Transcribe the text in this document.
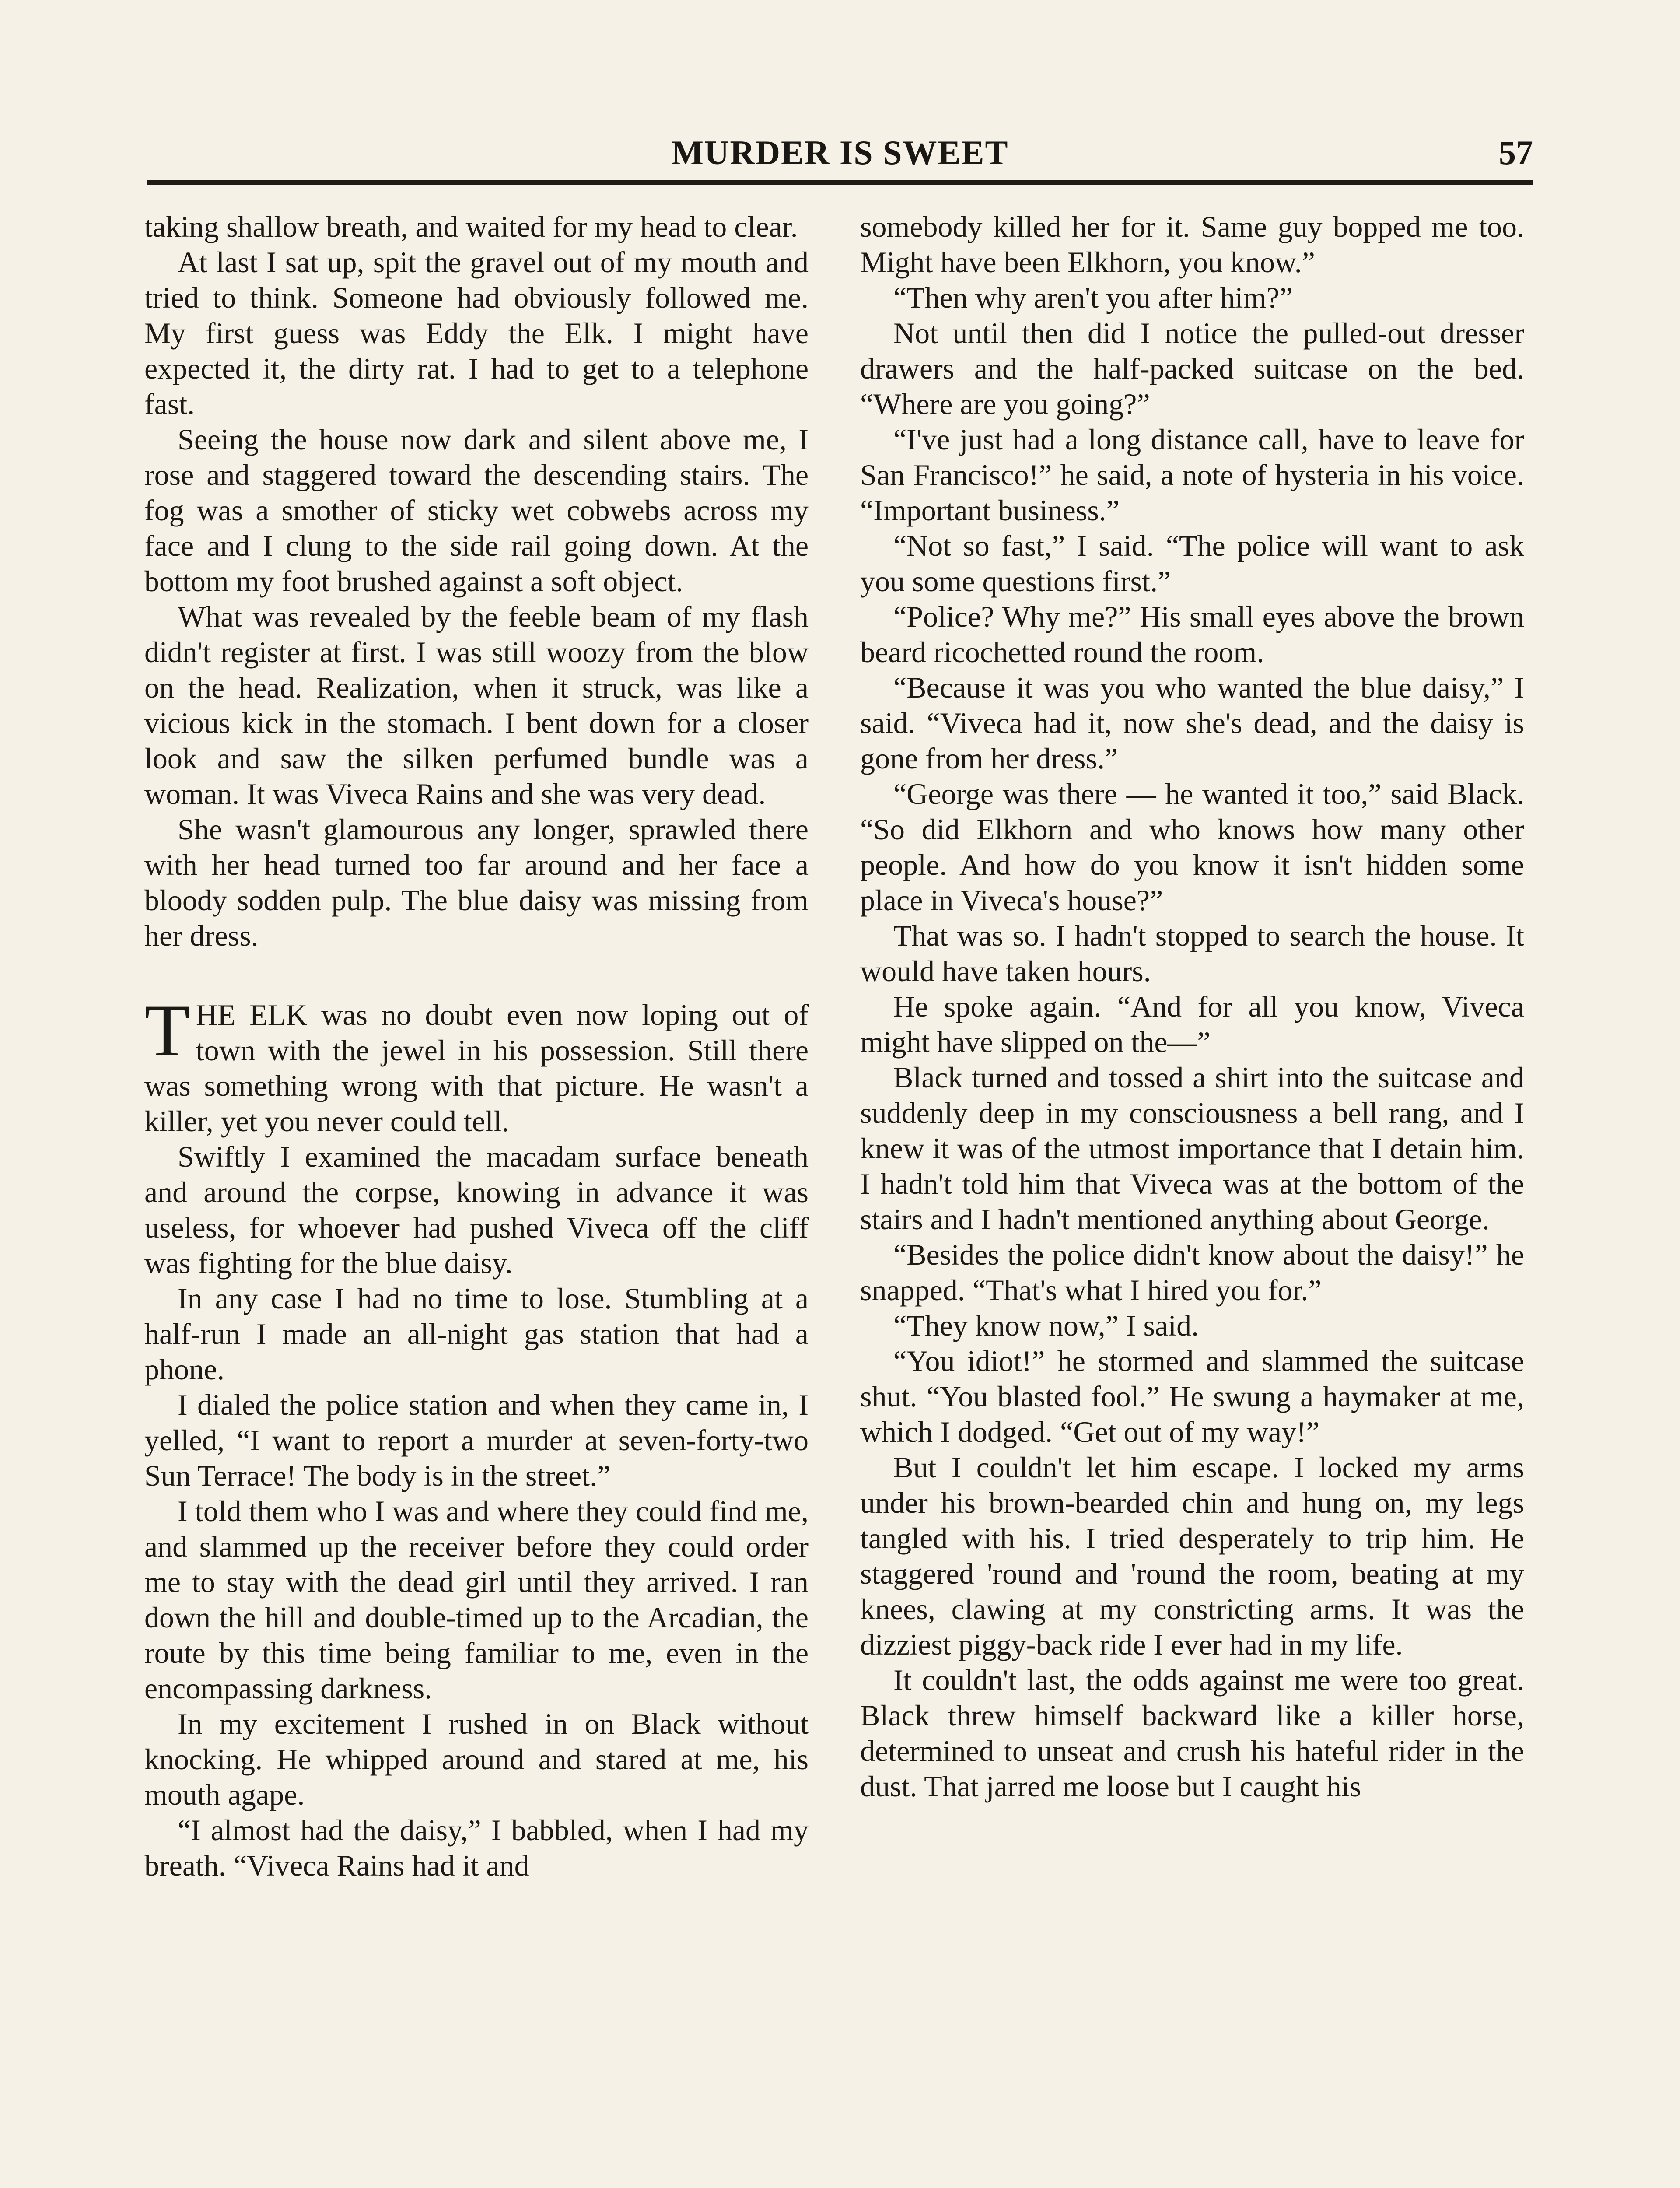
MURDER IS SWEET	57

taking shallow breath, and waited for my head to clear.

At last I sat up, spit the gravel out of my mouth and tried to think. Someone had obviously followed me. My first guess was Eddy the Elk. I might have expected it, the dirty rat. I had to get to a telephone fast.

Seeing the house now dark and silent above me, I rose and staggered toward the descending stairs. The fog was a smother of sticky wet cobwebs across my face and I clung to the side rail going down. At the bottom my foot brushed against a soft object.

What was revealed by the feeble beam of my flash didn't register at first. I was still woozy from the blow on the head. Realization, when it struck, was like a vicious kick in the stomach. I bent down for a closer look and saw the silken perfumed bundle was a woman. It was Viveca Rains and she was very dead.

She wasn't glamourous any longer, sprawled there with her head turned too far around and her face a bloody sodden pulp. The blue daisy was missing from her dress.

THE ELK was no doubt even now loping out of town with the jewel in his possession. Still there was something wrong with that picture. He wasn't a killer, yet you never could tell.

Swiftly I examined the macadam surface beneath and around the corpse, knowing in advance it was useless, for whoever had pushed Viveca off the cliff was fighting for the blue daisy.

In any case I had no time to lose. Stumbling at a half-run I made an all-night gas station that had a phone.

I dialed the police station and when they came in, I yelled, “I want to report a murder at seven-forty-two Sun Terrace! The body is in the street.”

I told them who I was and where they could find me, and slammed up the receiver before they could order me to stay with the dead girl until they arrived. I ran down the hill and double-timed up to the Arcadian, the route by this time being familiar to me, even in the encompassing darkness.

In my excitement I rushed in on Black without knocking. He whipped around and stared at me, his mouth agape.

“I almost had the daisy,” I babbled, when I had my breath. “Viveca Rains had it and

somebody killed her for it. Same guy bopped me too. Might have been Elkhorn, you know.”

“Then why aren't you after him?”

Not until then did I notice the pulled-out dresser drawers and the half-packed suitcase on the bed. “Where are you going?”

“I've just had a long distance call, have to leave for San Francisco!” he said, a note of hysteria in his voice. “Important business.”

“Not so fast,” I said. “The police will want to ask you some questions first.”

“Police? Why me?” His small eyes above the brown beard ricochetted round the room.

“Because it was you who wanted the blue daisy,” I said. “Viveca had it, now she's dead, and the daisy is gone from her dress.”

“George was there — he wanted it too,” said Black. “So did Elkhorn and who knows how many other people. And how do you know it isn't hidden some place in Viveca's house?”

That was so. I hadn't stopped to search the house. It would have taken hours.

He spoke again. “And for all you know, Viveca might have slipped on the—”

Black turned and tossed a shirt into the suitcase and suddenly deep in my consciousness a bell rang, and I knew it was of the utmost importance that I detain him. I hadn't told him that Viveca was at the bottom of the stairs and I hadn't mentioned anything about George.

“Besides the police didn't know about the daisy!” he snapped. “That's what I hired you for.”

“They know now,” I said.

“You idiot!” he stormed and slammed the suitcase shut. “You blasted fool.” He swung a haymaker at me, which I dodged. “Get out of my way!”

But I couldn't let him escape. I locked my arms under his brown-bearded chin and hung on, my legs tangled with his. I tried desperately to trip him. He staggered 'round and 'round the room, beating at my knees, clawing at my constricting arms. It was the dizziest piggy-back ride I ever had in my life.

It couldn't last, the odds against me were too great. Black threw himself backward like a killer horse, determined to unseat and crush his hateful rider in the dust. That jarred me loose but I caught his
